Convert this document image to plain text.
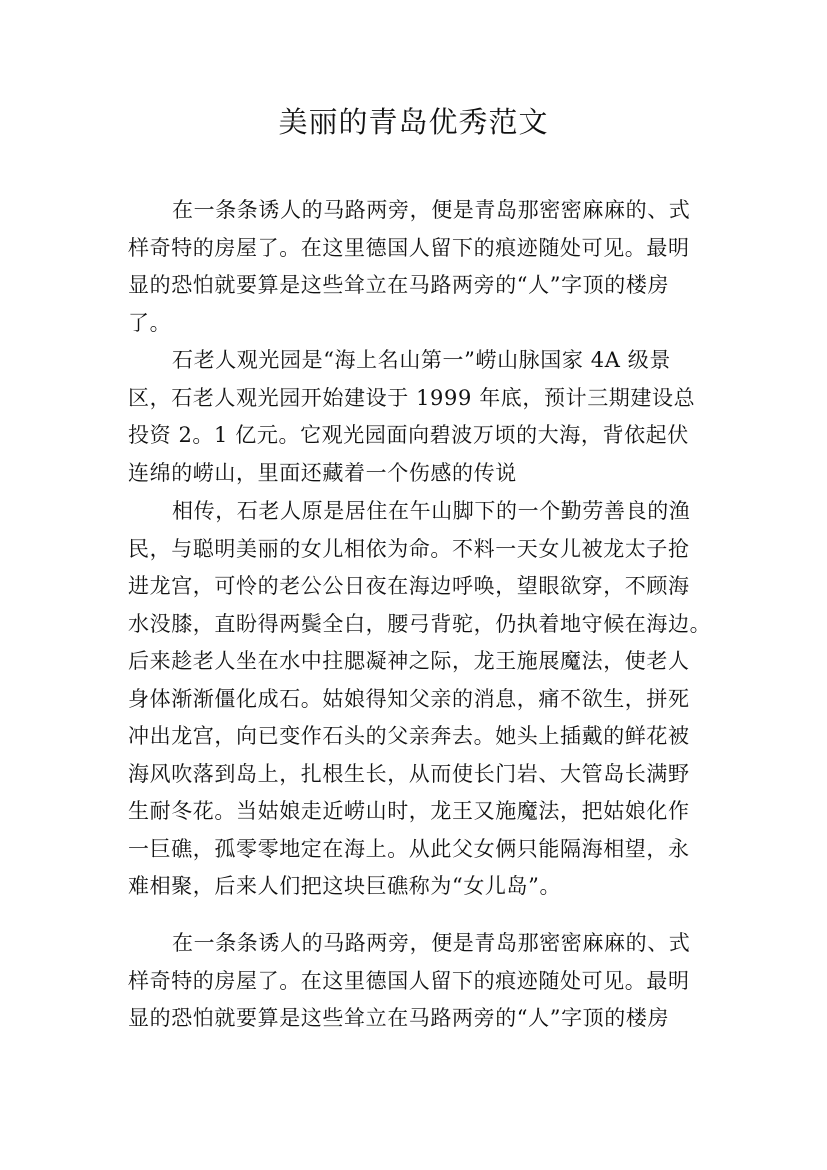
美丽的青岛优秀范文
在一条条诱人的马路两旁，便是青岛那密密麻麻的、式
样奇特的房屋了。在这里德国人留下的痕迹随处可见。最明
显的恐怕就要算是这些耸立在马路两旁的“人”字顶的楼房
了。
石老人观光园是“海上名山第一”崂山脉国家 4A 级景
区，石老人观光园开始建设于 1999 年底，预计三期建设总
投资 2。1 亿元。它观光园面向碧波万顷的大海，背依起伏
连绵的崂山，里面还藏着一个伤感的传说
相传，石老人原是居住在午山脚下的一个勤劳善良的渔
民，与聪明美丽的女儿相依为命。不料一天女儿被龙太子抢
进龙宫，可怜的老公公日夜在海边呼唤，望眼欲穿，不顾海
水没膝，直盼得两鬓全白，腰弓背驼，仍执着地守候在海边。
后来趁老人坐在水中拄腮凝神之际，龙王施展魔法，使老人
身体渐渐僵化成石。姑娘得知父亲的消息，痛不欲生，拼死
冲出龙宫，向已变作石头的父亲奔去。她头上插戴的鲜花被
海风吹落到岛上，扎根生长，从而使长门岩、大管岛长满野
生耐冬花。当姑娘走近崂山时，龙王又施魔法，把姑娘化作
一巨礁，孤零零地定在海上。从此父女俩只能隔海相望，永
难相聚，后来人们把这块巨礁称为“女儿岛”。
在一条条诱人的马路两旁，便是青岛那密密麻麻的、式
样奇特的房屋了。在这里德国人留下的痕迹随处可见。最明
显的恐怕就要算是这些耸立在马路两旁的“人”字顶的楼房
